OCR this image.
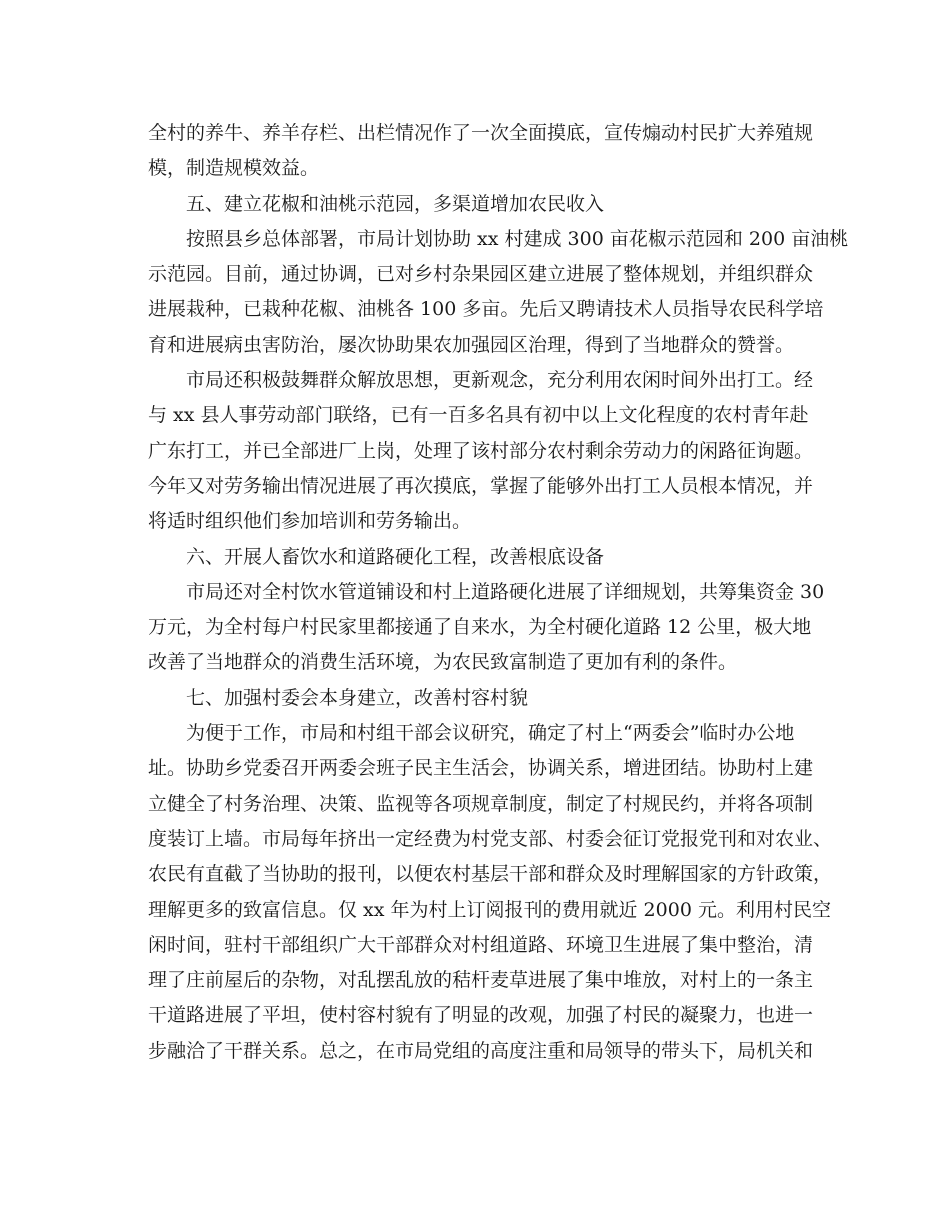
全村的养牛、养羊存栏、出栏情况作了一次全面摸底，宣传煽动村民扩大养殖规
模，制造规模效益。
五、建立花椒和油桃示范园，多渠道增加农民收入
按照县乡总体部署，市局计划协助 xx 村建成 300 亩花椒示范园和 200 亩油桃
示范园。目前，通过协调，已对乡村杂果园区建立进展了整体规划，并组织群众
进展栽种，已栽种花椒、油桃各 100 多亩。先后又聘请技术人员指导农民科学培
育和进展病虫害防治，屡次协助果农加强园区治理，得到了当地群众的赞誉。
市局还积极鼓舞群众解放思想，更新观念，充分利用农闲时间外出打工。经
与 xx 县人事劳动部门联络，已有一百多名具有初中以上文化程度的农村青年赴
广东打工，并已全部进厂上岗，处理了该村部分农村剩余劳动力的闲路征询题。
今年又对劳务输出情况进展了再次摸底，掌握了能够外出打工人员根本情况，并
将适时组织他们参加培训和劳务输出。
六、开展人畜饮水和道路硬化工程，改善根底设备
市局还对全村饮水管道铺设和村上道路硬化进展了详细规划，共筹集资金 30
万元，为全村每户村民家里都接通了自来水，为全村硬化道路 12 公里，极大地
改善了当地群众的消费生活环境，为农民致富制造了更加有利的条件。
七、加强村委会本身建立，改善村容村貌
为便于工作，市局和村组干部会议研究，确定了村上“两委会”临时办公地
址。协助乡党委召开两委会班子民主生活会，协调关系，增进团结。协助村上建
立健全了村务治理、决策、监视等各项规章制度，制定了村规民约，并将各项制
度装订上墙。市局每年挤出一定经费为村党支部、村委会征订党报党刊和对农业、
农民有直截了当协助的报刊，以便农村基层干部和群众及时理解国家的方针政策，
理解更多的致富信息。仅 xx 年为村上订阅报刊的费用就近 2000 元。利用村民空
闲时间，驻村干部组织广大干部群众对村组道路、环境卫生进展了集中整治，清
理了庄前屋后的杂物，对乱摆乱放的秸杆麦草进展了集中堆放，对村上的一条主
干道路进展了平坦，使村容村貌有了明显的改观，加强了村民的凝聚力，也进一
步融洽了干群关系。总之，在市局党组的高度注重和局领导的带头下，局机关和
